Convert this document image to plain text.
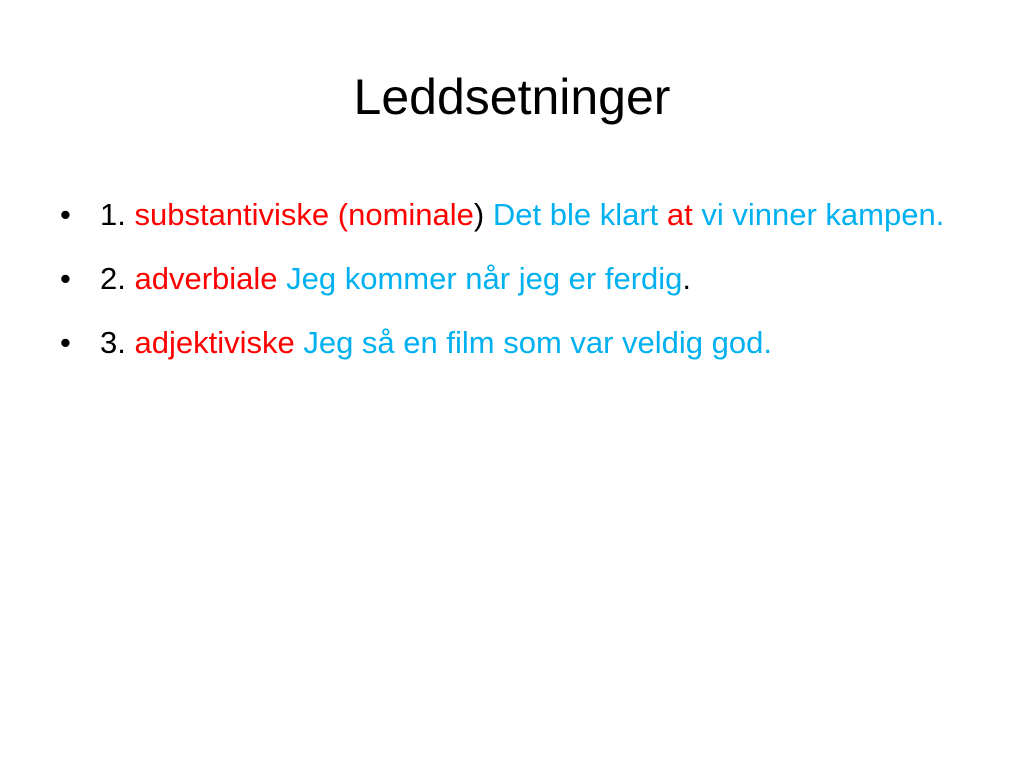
Leddsetninger
• 1. substantiviske (nominale) Det ble klart at vi vinner kampen.
• 2. adverbiale Jeg kommer når jeg er ferdig.
• 3. adjektiviske Jeg så en film som var veldig god.
